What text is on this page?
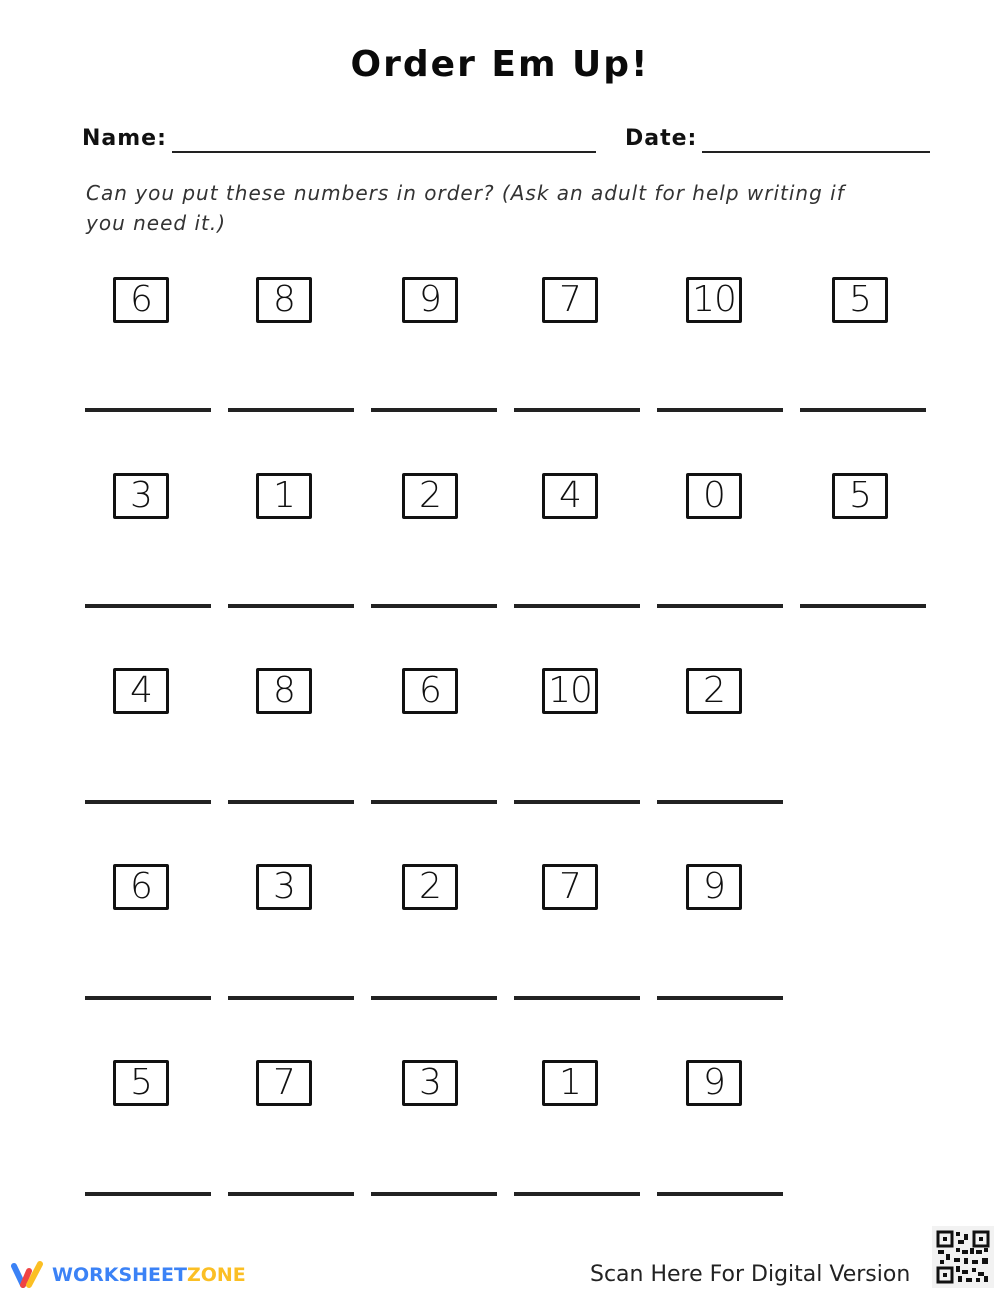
Order Em Up!
Name:	Date:
Can you put these numbers in order? (Ask an adult for help writing if you need it.)
6	8	9	7	10	5
3	1	2	4	0	5
4	8	6	10	2
6	3	2	7	9
5	7	3	1	9
WORKSHEET ZONE	Scan Here For Digital Version
